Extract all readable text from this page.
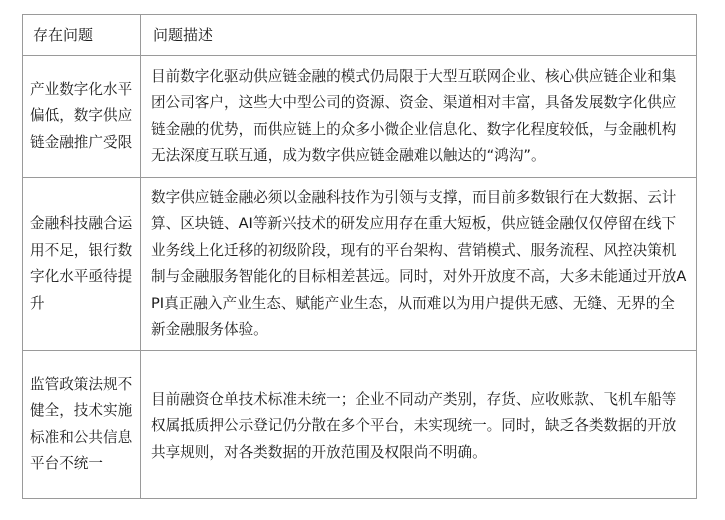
存在问题	问题描述
产业数字化水平偏低，数字供应链金融推广受限	目前数字化驱动供应链金融的模式仍局限于大型互联网企业、核心供应链企业和集团公司客户，这些大中型公司的资源、资金、渠道相对丰富，具备发展数字化供应链金融的优势，而供应链上的众多小微企业信息化、数字化程度较低，与金融机构无法深度互联互通，成为数字供应链金融难以触达的“鸿沟”。
金融科技融合运用不足，银行数字化水平亟待提升	数字供应链金融必须以金融科技作为引领与支撑，而目前多数银行在大数据、云计算、区块链、AI等新兴技术的研发应用存在重大短板，供应链金融仅仅停留在线下业务线上化迁移的初级阶段，现有的平台架构、营销模式、服务流程、风控决策机制与金融服务智能化的目标相差甚远。同时，对外开放度不高，大多未能通过开放API真正融入产业生态、赋能产业生态，从而难以为用户提供无感、无缝、无界的全新金融服务体验。
监管政策法规不健全，技术实施标准和公共信息平台不统一	目前融资仓单技术标准未统一；企业不同动产类别，存货、应收账款、飞机车船等权属抵质押公示登记仍分散在多个平台，未实现统一。同时，缺乏各类数据的开放共享规则，对各类数据的开放范围及权限尚不明确。
